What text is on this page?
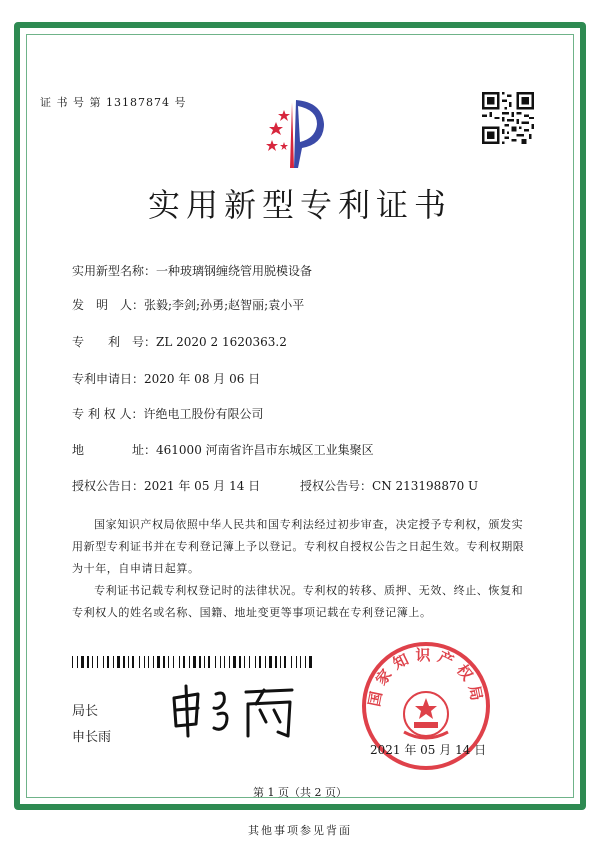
证 书 号 第 13187874 号
实用新型专利证书
实用新型名称：一种玻璃钢缠绕管用脱模设备
发　明　人：张毅;李剑;孙勇;赵智丽;袁小平
专　　利　号：ZL 2020 2 1620363.2
专利申请日：2020 年 08 月 06 日
专 利 权 人：许绝电工股份有限公司
地　　　　址：461000 河南省许昌市东城区工业集聚区
授权公告日：2021 年 05 月 14 日	授权公告号：CN 213198870 U
国家知识产权局依照中华人民共和国专利法经过初步审查，决定授予专利权，颁发实用新型专利证书并在专利登记簿上予以登记。专利权自授权公告之日起生效。专利权期限为十年，自申请日起算。
专利证书记载专利权登记时的法律状况。专利权的转移、质押、无效、终止、恢复和专利权人的姓名或名称、国籍、地址变更等事项记载在专利登记簿上。
局长
申长雨
国家知识产权局
2021 年 05 月 14 日
第 1 页（共 2 页）
其他事项参见背面
